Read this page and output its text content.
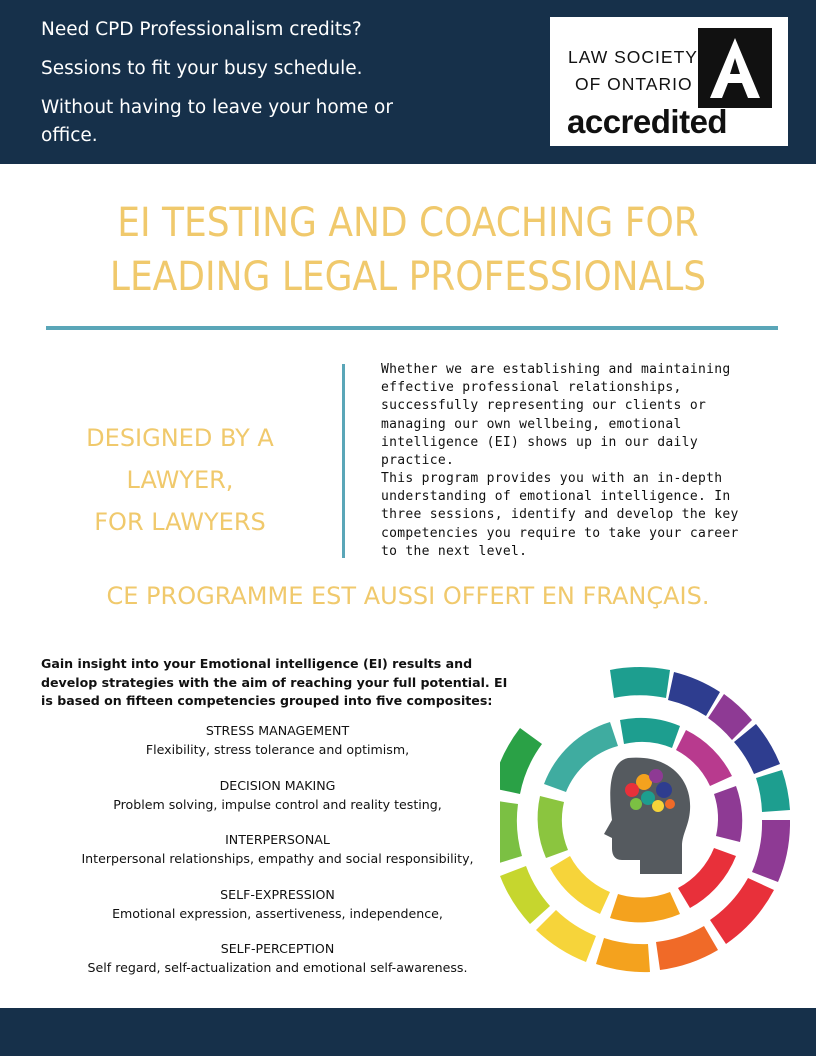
Need CPD Professionalism credits?
Sessions to fit your busy schedule.
Without having to leave your home or office.
LAW SOCIETY
OF ONTARIO
accredited
EI TESTING AND COACHING FOR LEADING LEGAL PROFESSIONALS
DESIGNED BY A LAWYER,
FOR LAWYERS
Whether we are establishing and maintaining effective professional relationships, successfully representing our clients or managing our own wellbeing, emotional intelligence (EI) shows up in our daily practice.
This program provides you with an in-depth understanding of emotional intelligence. In three sessions, identify and develop the key competencies you require to take your career to the next level.
CE PROGRAMME EST AUSSI OFFERT EN FRANÇAIS.
Gain insight into your Emotional intelligence (EI) results and develop strategies with the aim of reaching your full potential. EI is based on fifteen competencies grouped into five composites:
STRESS MANAGEMENT
Flexibility, stress tolerance and optimism,
DECISION MAKING
Problem solving, impulse control and reality testing,
INTERPERSONAL
Interpersonal relationships, empathy and social responsibility,
SELF-EXPRESSION
Emotional expression, assertiveness, independence,
SELF-PERCEPTION
Self regard, self-actualization and emotional self-awareness.
